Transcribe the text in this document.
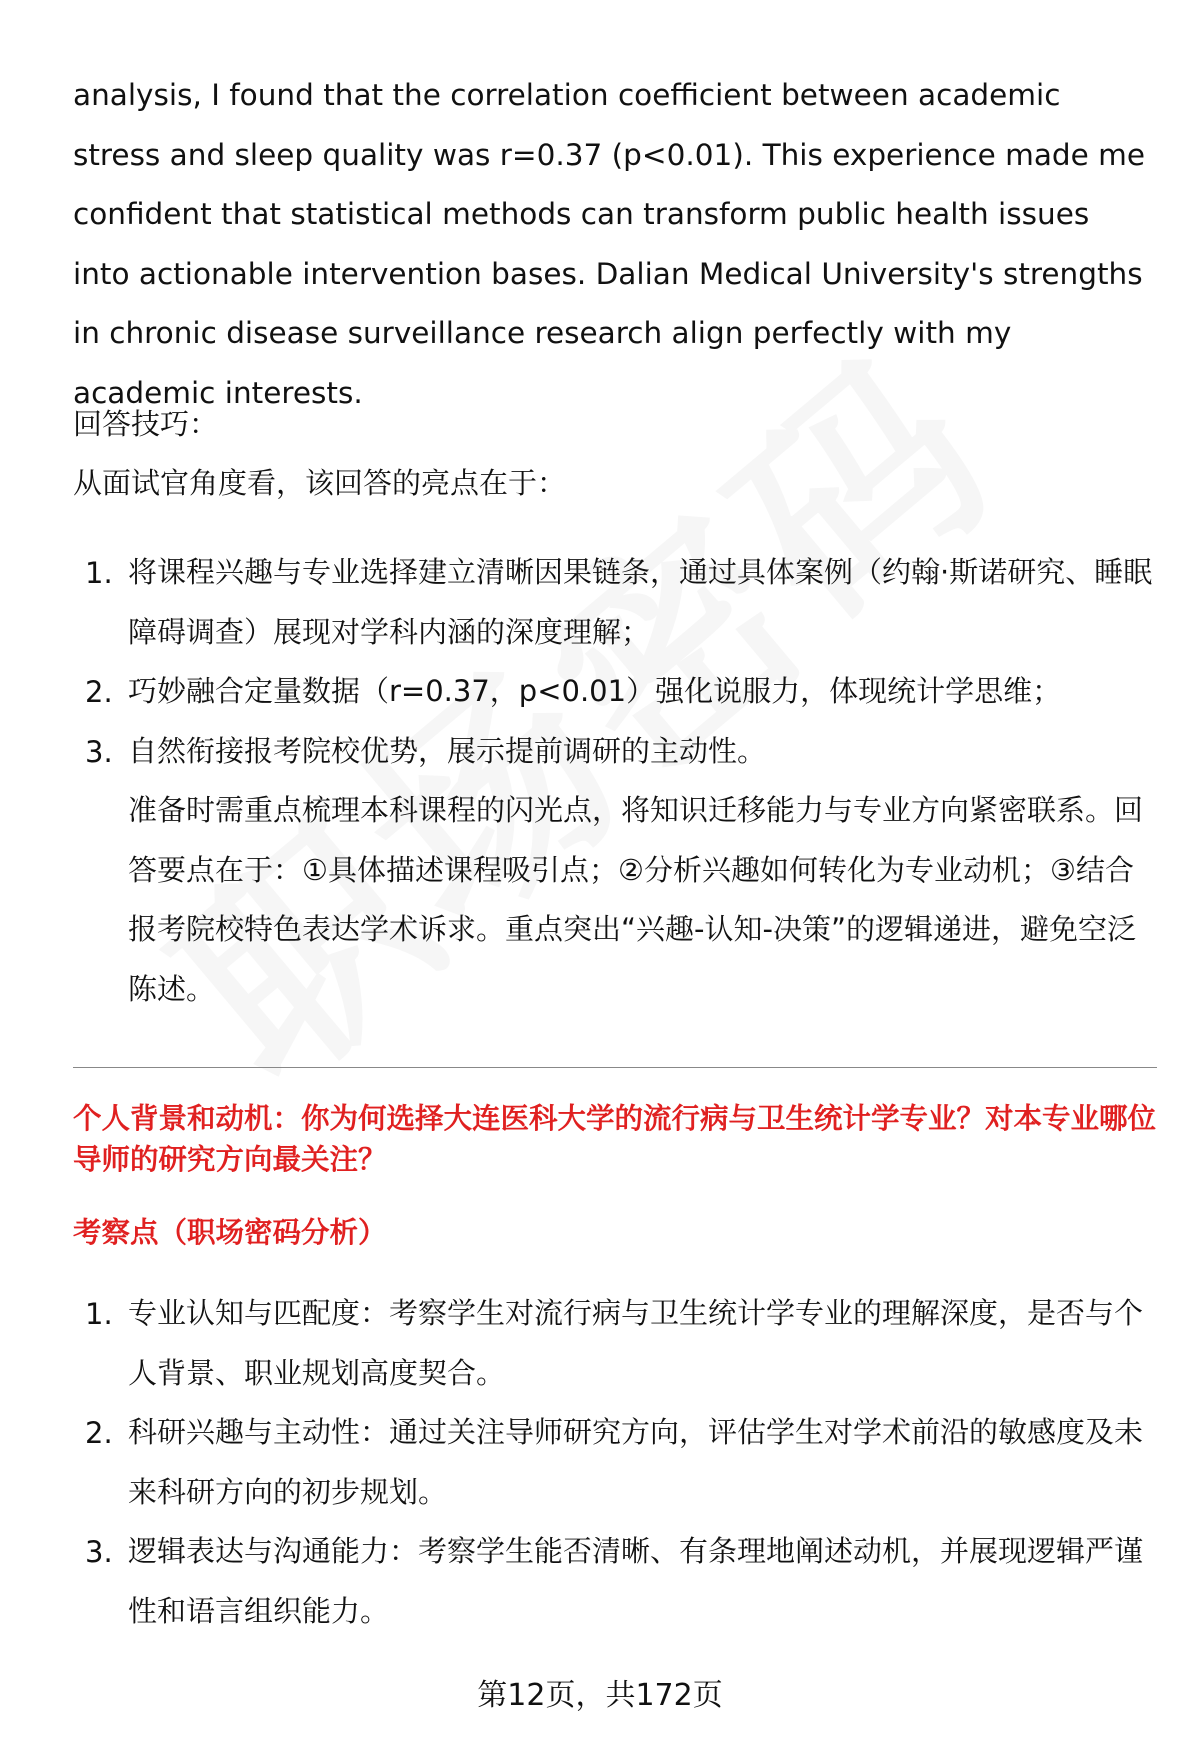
analysis, I found that the correlation coefficient between academic stress and sleep quality was r=0.37 (p<0.01). This experience made me confident that statistical methods can transform public health issues into actionable intervention bases. Dalian Medical University's strengths in chronic disease surveillance research align perfectly with my academic interests.

回答技巧：

从面试官角度看，该回答的亮点在于：

1. 将课程兴趣与专业选择建立清晰因果链条，通过具体案例（约翰·斯诺研究、睡眠障碍调查）展现对学科内涵的深度理解；

2. 巧妙融合定量数据（r=0.37，p<0.01）强化说服力，体现统计学思维；

3. 自然衔接报考院校优势，展示提前调研的主动性。

准备时需重点梳理本科课程的闪光点，将知识迁移能力与专业方向紧密联系。回答要点在于：①具体描述课程吸引点；②分析兴趣如何转化为专业动机；③结合报考院校特色表达学术诉求。重点突出“兴趣-认知-决策”的逻辑递进，避免空泛陈述。

个人背景和动机：你为何选择大连医科大学的流行病与卫生统计学专业？对本专业哪位导师的研究方向最关注？

考察点（职场密码分析）

1. 专业认知与匹配度：考察学生对流行病与卫生统计学专业的理解深度，是否与个人背景、职业规划高度契合。

2. 科研兴趣与主动性：通过关注导师研究方向，评估学生对学术前沿的敏感度及未来科研方向的初步规划。

3. 逻辑表达与沟通能力：考察学生能否清晰、有条理地阐述动机，并展现逻辑严谨性和语言组织能力。

第12页，共172页
